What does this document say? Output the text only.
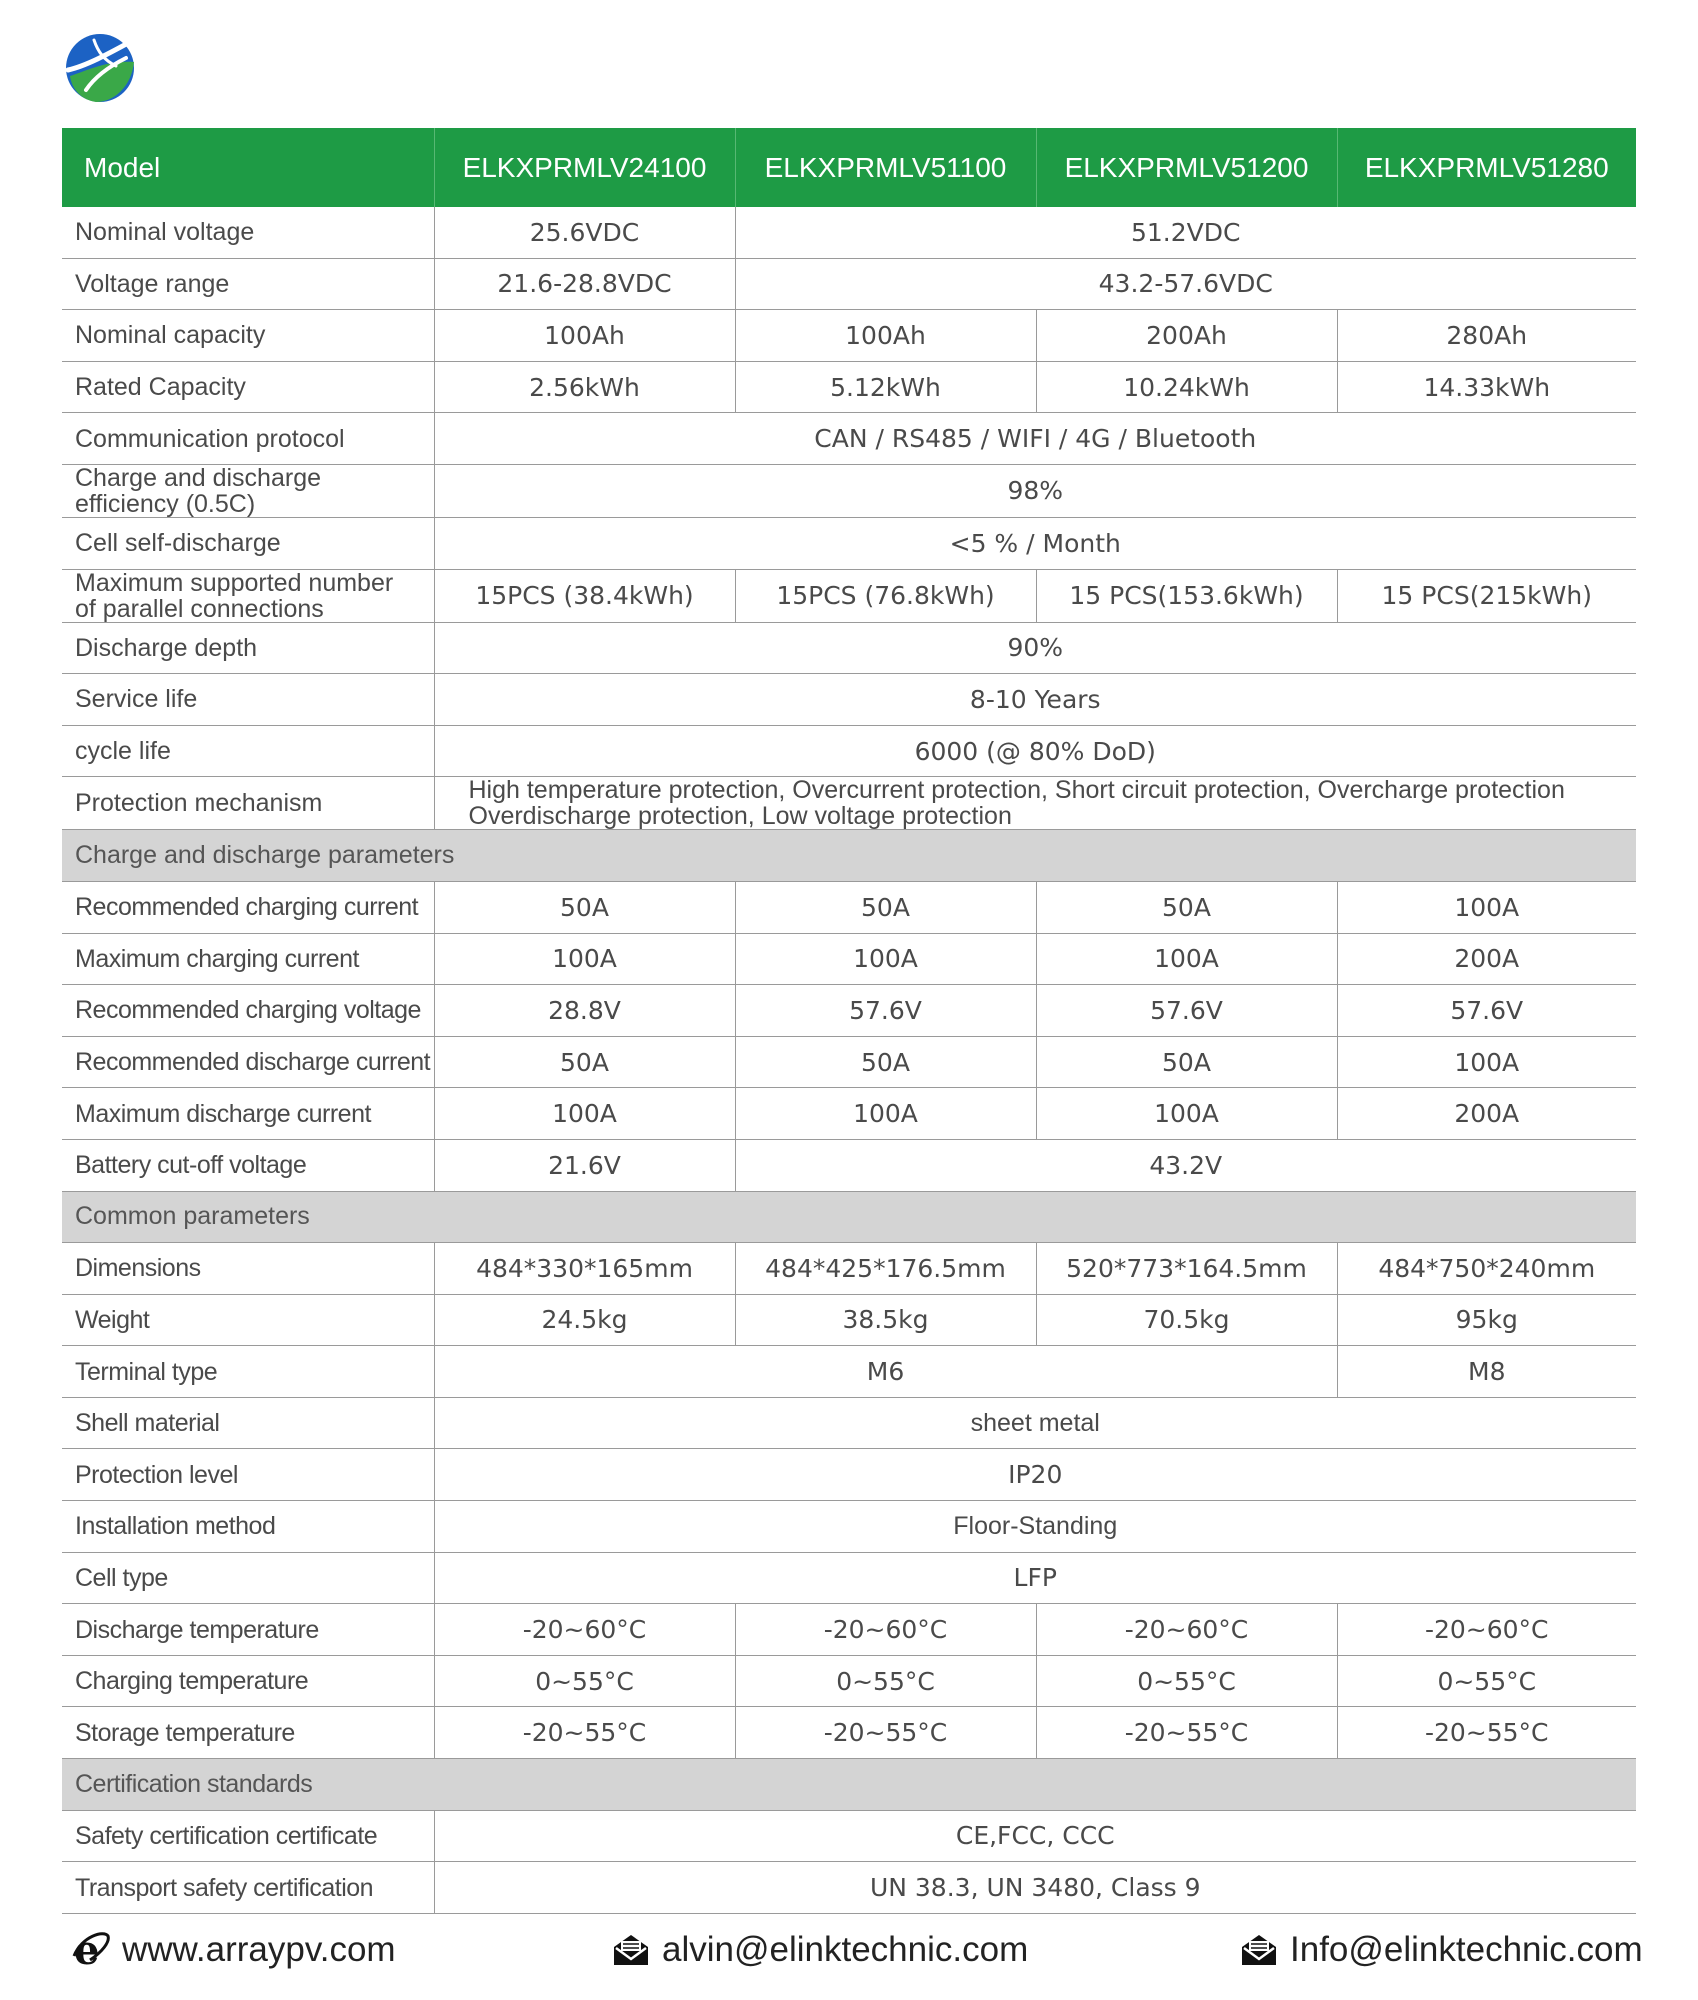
Model	ELKXPRMLV24100	ELKXPRMLV51100	ELKXPRMLV51200	ELKXPRMLV51280
Nominal voltage	25.6VDC	51.2VDC		
Voltage range	21.6-28.8VDC	43.2-57.6VDC		
Nominal capacity	100Ah	100Ah	200Ah	280Ah
Rated Capacity	2.56kWh	5.12kWh	10.24kWh	14.33kWh
Communication protocol	CAN / RS485 / WIFI / 4G / Bluetooth			
Charge and discharge
efficiency (0.5C)	98%			
Cell self-discharge	<5 % / Month			
Maximum supported number
of parallel connections	15PCS (38.4kWh)	15PCS (76.8kWh)	15 PCS(153.6kWh)	15 PCS(215kWh)
Discharge depth	90%			
Service life	8-10 Years			
cycle life	6000 (@ 80% DoD)			
Protection mechanism	High temperature protection, Overcurrent protection, Short circuit protection, Overcharge protection
Overdischarge protection, Low voltage protection			
Charge and discharge parameters				
Recommended charging current	50A	50A	50A	100A
Maximum charging current	100A	100A	100A	200A
Recommended charging voltage	28.8V	57.6V	57.6V	57.6V
Recommended discharge current	50A	50A	50A	100A
Maximum discharge current	100A	100A	100A	200A
Battery cut-off voltage	21.6V	43.2V		
Common parameters				
Dimensions	484*330*165mm	484*425*176.5mm	520*773*164.5mm	484*750*240mm
Weight	24.5kg	38.5kg	70.5kg	95kg
Terminal type	M6			M8
Shell material	sheet metal			
Protection level	IP20			
Installation method	Floor-Standing			
Cell type	LFP			
Discharge temperature	-20~60°C	-20~60°C	-20~60°C	-20~60°C
Charging temperature	0~55°C	0~55°C	0~55°C	0~55°C
Storage temperature	-20~55°C	-20~55°C	-20~55°C	-20~55°C
Certification standards				
Safety certification certificate	CE,FCC, CCC			
Transport safety certification	UN 38.3, UN 3480, Class 9			
e www.arraypv.com	alvin@elinktechnic.com	Info@elinktechnic.com
